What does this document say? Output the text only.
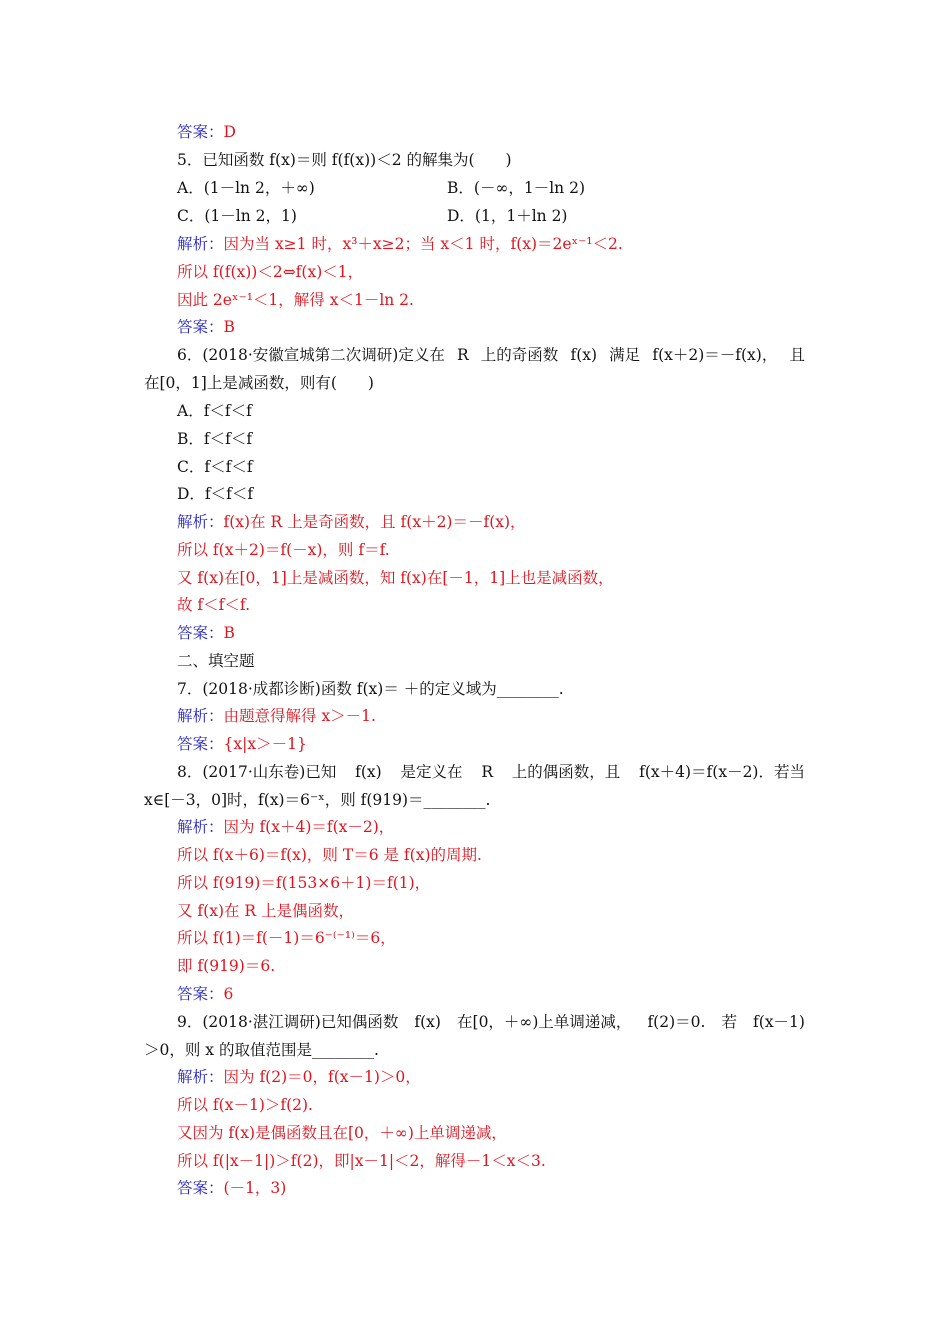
答案：D
5．已知函数 f(x)＝则 f(f(x))＜2 的解集为(　　)
A．(1－ln 2，＋∞)	B．(－∞，1－ln 2)
C．(1－ln 2，1)	D．(1，1＋ln 2)
解析：因为当 x≥1 时，x³＋x≥2；当 x＜1 时，f(x)＝2eˣ⁻¹＜2.
所以 f(f(x))＜2⇔f(x)＜1，
因此 2eˣ⁻¹＜1，解得 x＜1－ln 2.
答案：B
6．(2018·安徽宣城第二次调研)定义在 R 上的奇函数 f(x) 满足 f(x＋2)＝－f(x)， 且
在[0，1]上是减函数，则有(　　)
A．f＜f＜f
B．f＜f＜f
C．f＜f＜f
D．f＜f＜f
解析：f(x)在 R 上是奇函数，且 f(x＋2)＝－f(x)，
所以 f(x＋2)＝f(－x)，则 f＝f.
又 f(x)在[0，1]上是减函数，知 f(x)在[－1，1]上也是减函数，
故 f＜f＜f.
答案：B
二、填空题
7．(2018·成都诊断)函数 f(x)＝ ＋的定义域为________.
解析：由题意得解得 x＞－1.
答案：{x|x＞－1}
8．(2017·山东卷)已知 f(x) 是定义在 R 上的偶函数，且 f(x＋4)＝f(x－2)．若当
x∈[－3，0]时，f(x)＝6⁻ˣ，则 f(919)＝________.
解析：因为 f(x＋4)＝f(x－2)，
所以 f(x＋6)＝f(x)，则 T＝6 是 f(x)的周期.
所以 f(919)＝f(153×6＋1)＝f(1)，
又 f(x)在 R 上是偶函数，
所以 f(1)＝f(－1)＝6⁻⁽⁻¹⁾＝6，
即 f(919)＝6.
答案：6
9．(2018·湛江调研)已知偶函数 f(x) 在[0，＋∞)上单调递减， f(2)＝0. 若 f(x－1)
＞0，则 x 的取值范围是________.
解析：因为 f(2)＝0，f(x－1)＞0，
所以 f(x－1)＞f(2).
又因为 f(x)是偶函数且在[0，＋∞)上单调递减，
所以 f(|x－1|)＞f(2)，即|x－1|＜2，解得－1＜x＜3.
答案：(－1，3)
